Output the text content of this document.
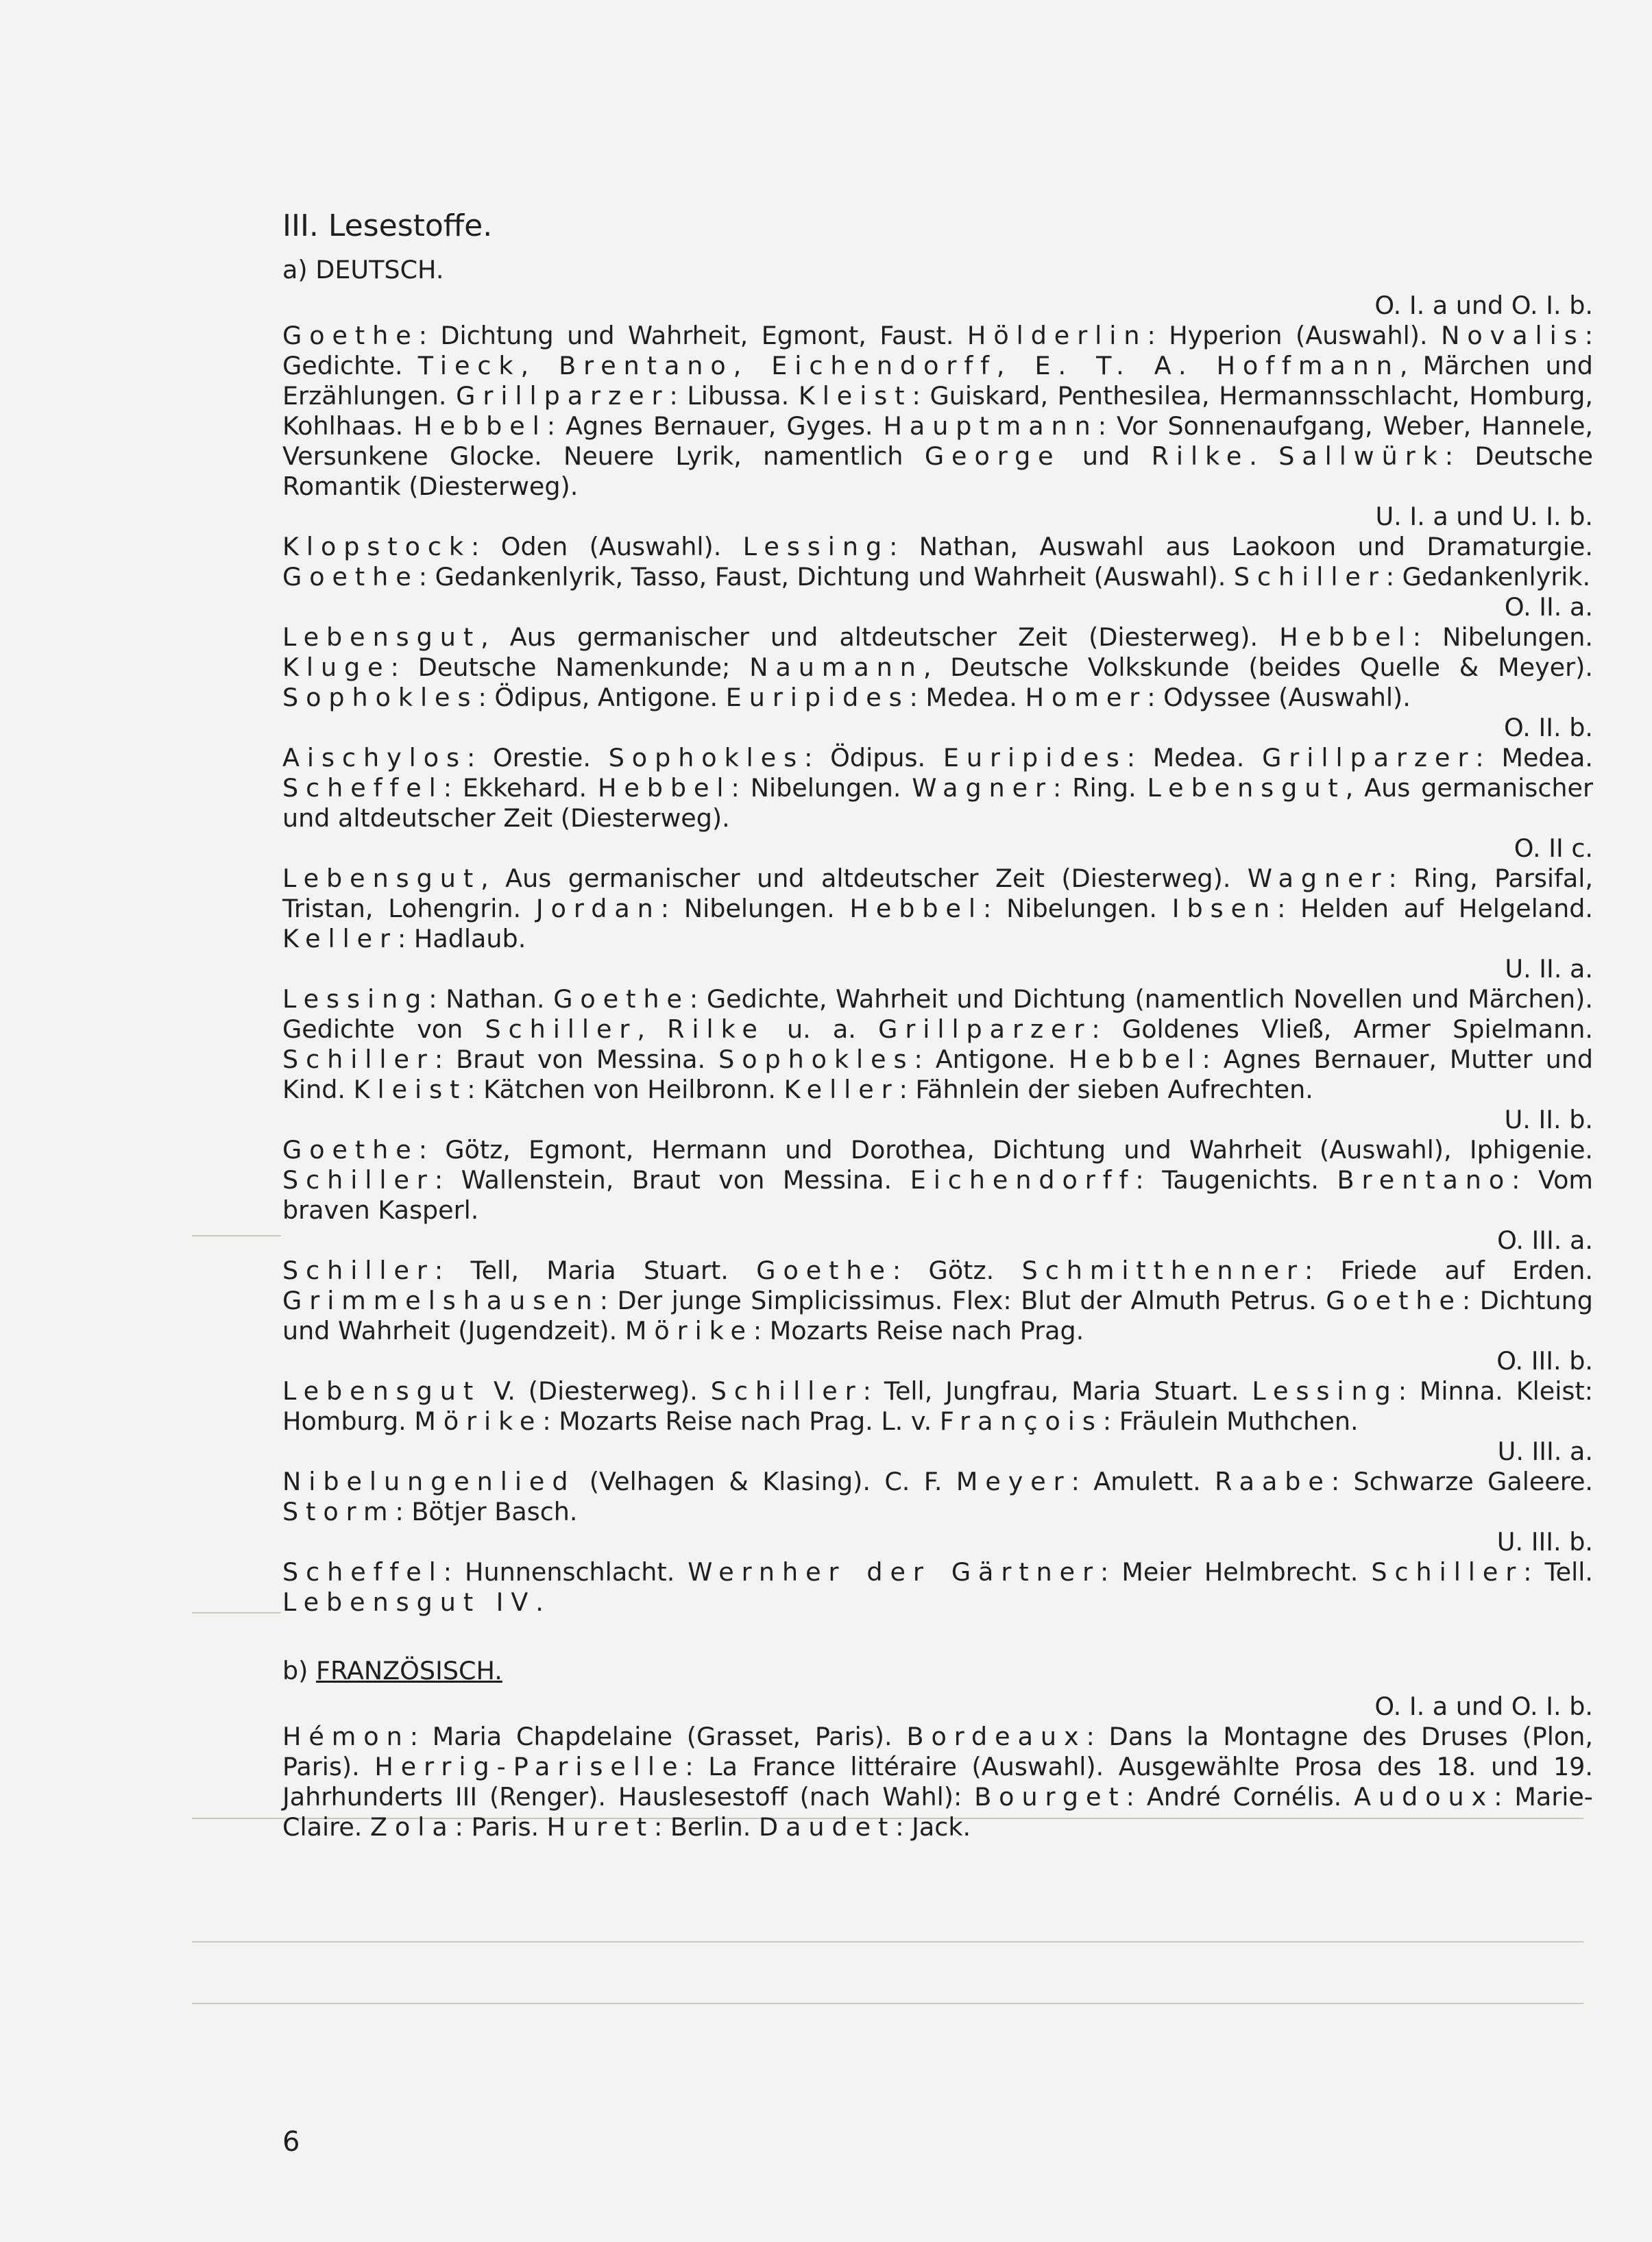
III. Lesestoffe.
a) DEUTSCH.
O. I. a und O. I. b.

Goethe: Dichtung und Wahrheit, Egmont, Faust. Hölderlin: Hyperion (Auswahl). Novalis: Gedichte. Tieck, Brentano, Eichendorff, E. T. A. Hoffmann, Märchen und Erzählungen. Grillparzer: Libussa. Kleist: Guiskard, Penthesilea, Hermannsschlacht, Homburg, Kohlhaas. Hebbel: Agnes Bernauer, Gyges. Hauptmann: Vor Sonnenaufgang, Weber, Hannele, Versunkene Glocke. Neuere Lyrik, namentlich George und Rilke. Sallwürk: Deutsche Romantik (Diesterweg).

U. I. a und U. I. b.

Klopstock: Oden (Auswahl). Lessing: Nathan, Auswahl aus Laokoon und Dramaturgie. Goethe: Gedankenlyrik, Tasso, Faust, Dichtung und Wahrheit (Auswahl). Schiller: Gedankenlyrik.

O. II. a.

Lebensgut, Aus germanischer und altdeutscher Zeit (Diesterweg). Hebbel: Nibelungen. Kluge: Deutsche Namenkunde; Naumann, Deutsche Volkskunde (beides Quelle & Meyer). Sophokles: Ödipus, Antigone. Euripides: Medea. Homer: Odyssee (Auswahl).

O. II. b.

Aischylos: Orestie. Sophokles: Ödipus. Euripides: Medea. Grillparzer: Medea. Scheffel: Ekkehard. Hebbel: Nibelungen. Wagner: Ring. Lebensgut, Aus germanischer und altdeutscher Zeit (Diesterweg).

O. II c.

Lebensgut, Aus germanischer und altdeutscher Zeit (Diesterweg). Wagner: Ring, Parsifal, Tristan, Lohengrin. Jordan: Nibelungen. Hebbel: Nibelungen. Ibsen: Helden auf Helgeland. Keller: Hadlaub.

U. II. a.

Lessing: Nathan. Goethe: Gedichte, Wahrheit und Dichtung (namentlich Novellen und Märchen). Gedichte von Schiller, Rilke u. a. Grillparzer: Goldenes Vließ, Armer Spielmann. Schiller: Braut von Messina. Sophokles: Antigone. Hebbel: Agnes Bernauer, Mutter und Kind. Kleist: Kätchen von Heilbronn. Keller: Fähnlein der sieben Aufrechten.

U. II. b.

Goethe: Götz, Egmont, Hermann und Dorothea, Dichtung und Wahrheit (Auswahl), Iphigenie. Schiller: Wallenstein, Braut von Messina. Eichendorff: Taugenichts. Brentano: Vom braven Kasperl.

O. III. a.

Schiller: Tell, Maria Stuart. Goethe: Götz. Schmitthenner: Friede auf Erden. Grimmelshausen: Der junge Simplicissimus. Flex: Blut der Almuth Petrus. Goethe: Dichtung und Wahrheit (Jugendzeit). Mörike: Mozarts Reise nach Prag.

O. III. b.

Lebensgut V. (Diesterweg). Schiller: Tell, Jungfrau, Maria Stuart. Lessing: Minna. Kleist: Homburg. Mörike: Mozarts Reise nach Prag. L. v. François: Fräulein Muthchen.

U. III. a.

Nibelungenlied (Velhagen & Klasing). C. F. Meyer: Amulett. Raabe: Schwarze Galeere. Storm: Bötjer Basch.

U. III. b.

Scheffel: Hunnenschlacht. Wernher der Gärtner: Meier Helmbrecht. Schiller: Tell. Lebensgut IV.

b) FRANZÖSISCH.
O. I. a und O. I. b.

Hémon: Maria Chapdelaine (Grasset, Paris). Bordeaux: Dans la Montagne des Druses (Plon, Paris). Herrig-Pariselle: La France littéraire (Auswahl). Ausgewählte Prosa des 18. und 19. Jahrhunderts III (Renger). Hauslesestoff (nach Wahl): Bourget: André Cornélis. Audoux: Marie-Claire. Zola: Paris. Huret: Berlin. Daudet: Jack.

6
